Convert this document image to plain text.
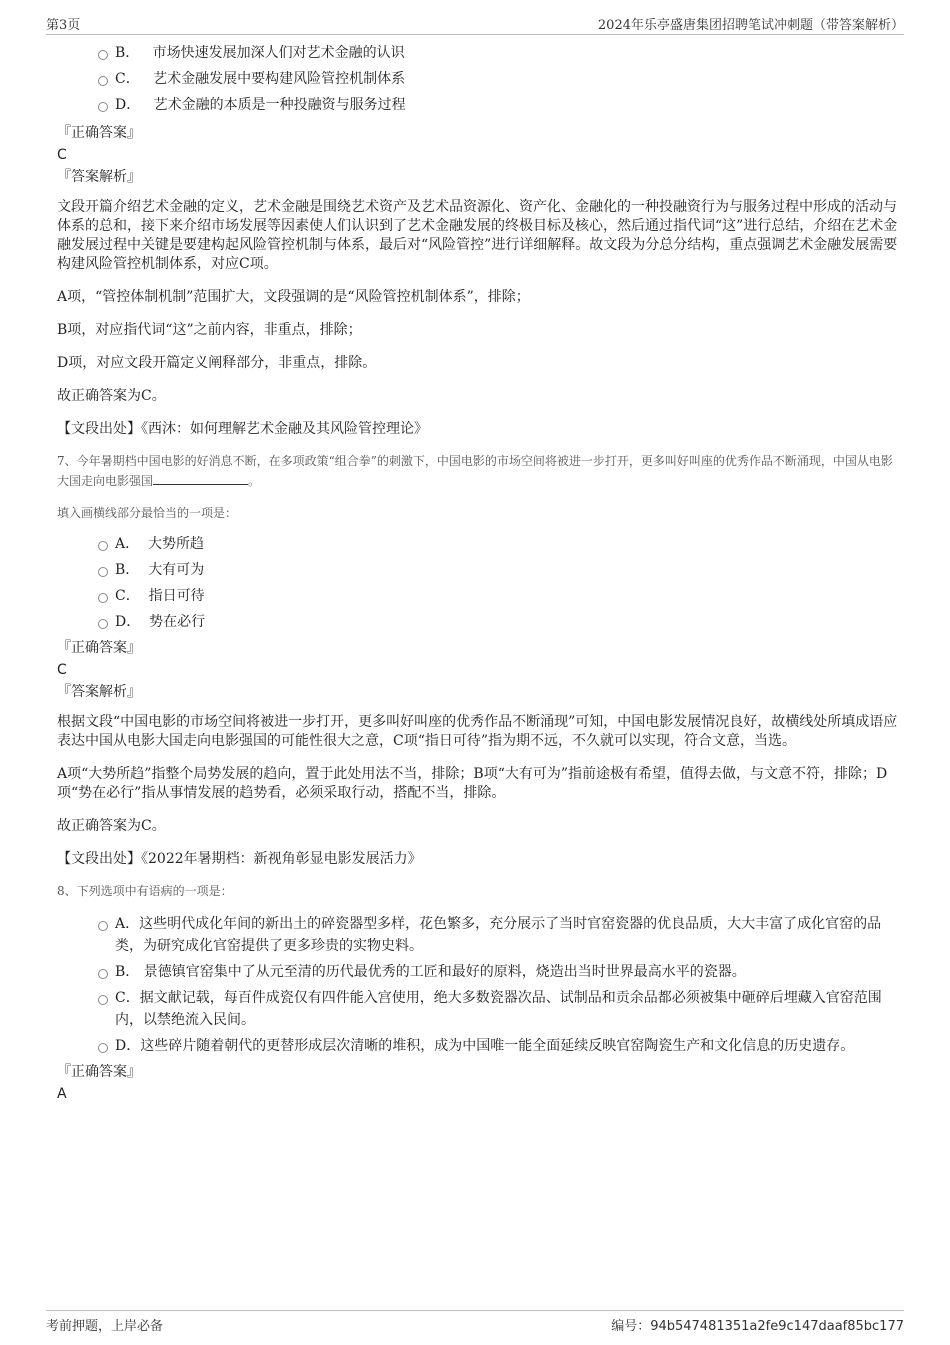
第3页	2024年乐亭盛唐集团招聘笔试冲刺题（带答案解析）
B． 市场快速发展加深人们对艺术金融的认识
C． 艺术金融发展中要构建风险管控机制体系
D． 艺术金融的本质是一种投融资与服务过程
『正确答案』
C
『答案解析』

文段开篇介绍艺术金融的定义，艺术金融是围绕艺术资产及艺术品资源化、资产化、金融化的一种投融资行为与服务过程中形成的活动与体系的总和，接下来介绍市场发展等因素使人们认识到了艺术金融发展的终极目标及核心，然后通过指代词“这”进行总结，介绍在艺术金融发展过程中关键是要建构起风险管控机制与体系，最后对“风险管控”进行详细解释。故文段为分总分结构，重点强调艺术金融发展需要构建风险管控机制体系，对应C项。

A项，“管控体制机制”范围扩大，文段强调的是“风险管控机制体系”，排除；

B项，对应指代词“这”之前内容，非重点，排除；

D项，对应文段开篇定义阐释部分，非重点，排除。

故正确答案为C。

【文段出处】《西沐：如何理解艺术金融及其风险管控理论》

7、今年暑期档中国电影的好消息不断，在多项政策“组合拳”的刺激下，中国电影的市场空间将被进一步打开，更多叫好叫座的优秀作品不断涌现，中国从电影大国走向电影强国	。
填入画横线部分最恰当的一项是：
A． 大势所趋
B． 大有可为
C． 指日可待
D． 势在必行
『正确答案』
C
『答案解析』

根据文段“中国电影的市场空间将被进一步打开，更多叫好叫座的优秀作品不断涌现”可知，中国电影发展情况良好，故横线处所填成语应表达中国从电影大国走向电影强国的可能性很大之意，C项“指日可待”指为期不远，不久就可以实现，符合文意，当选。

A项“大势所趋”指整个局势发展的趋向，置于此处用法不当，排除；B项“大有可为”指前途极有希望，值得去做，与文意不符，排除；D项“势在必行”指从事情发展的趋势看，必须采取行动，搭配不当，排除。

故正确答案为C。

【文段出处】《2022年暑期档：新视角彰显电影发展活力》

8、下列选项中有语病的一项是：
A．这些明代成化年间的新出土的碎瓷器型多样，花色繁多，充分展示了当时官窑瓷器的优良品质，大大丰富了成化官窑的品类，为研究成化官窑提供了更多珍贵的实物史料。
B． 景德镇官窑集中了从元至清的历代最优秀的工匠和最好的原料，烧造出当时世界最高水平的瓷器。
C．据文献记载，每百件成瓷仅有四件能入宫使用，绝大多数瓷器次品、试制品和贡余品都必须被集中砸碎后埋藏入官窑范围内，以禁绝流入民间。
D．这些碎片随着朝代的更替形成层次清晰的堆积，成为中国唯一能全面延续反映官窑陶瓷生产和文化信息的历史遗存。
『正确答案』
A
考前押题，上岸必备	编号：94b547481351a2fe9c147daaf85bc177
